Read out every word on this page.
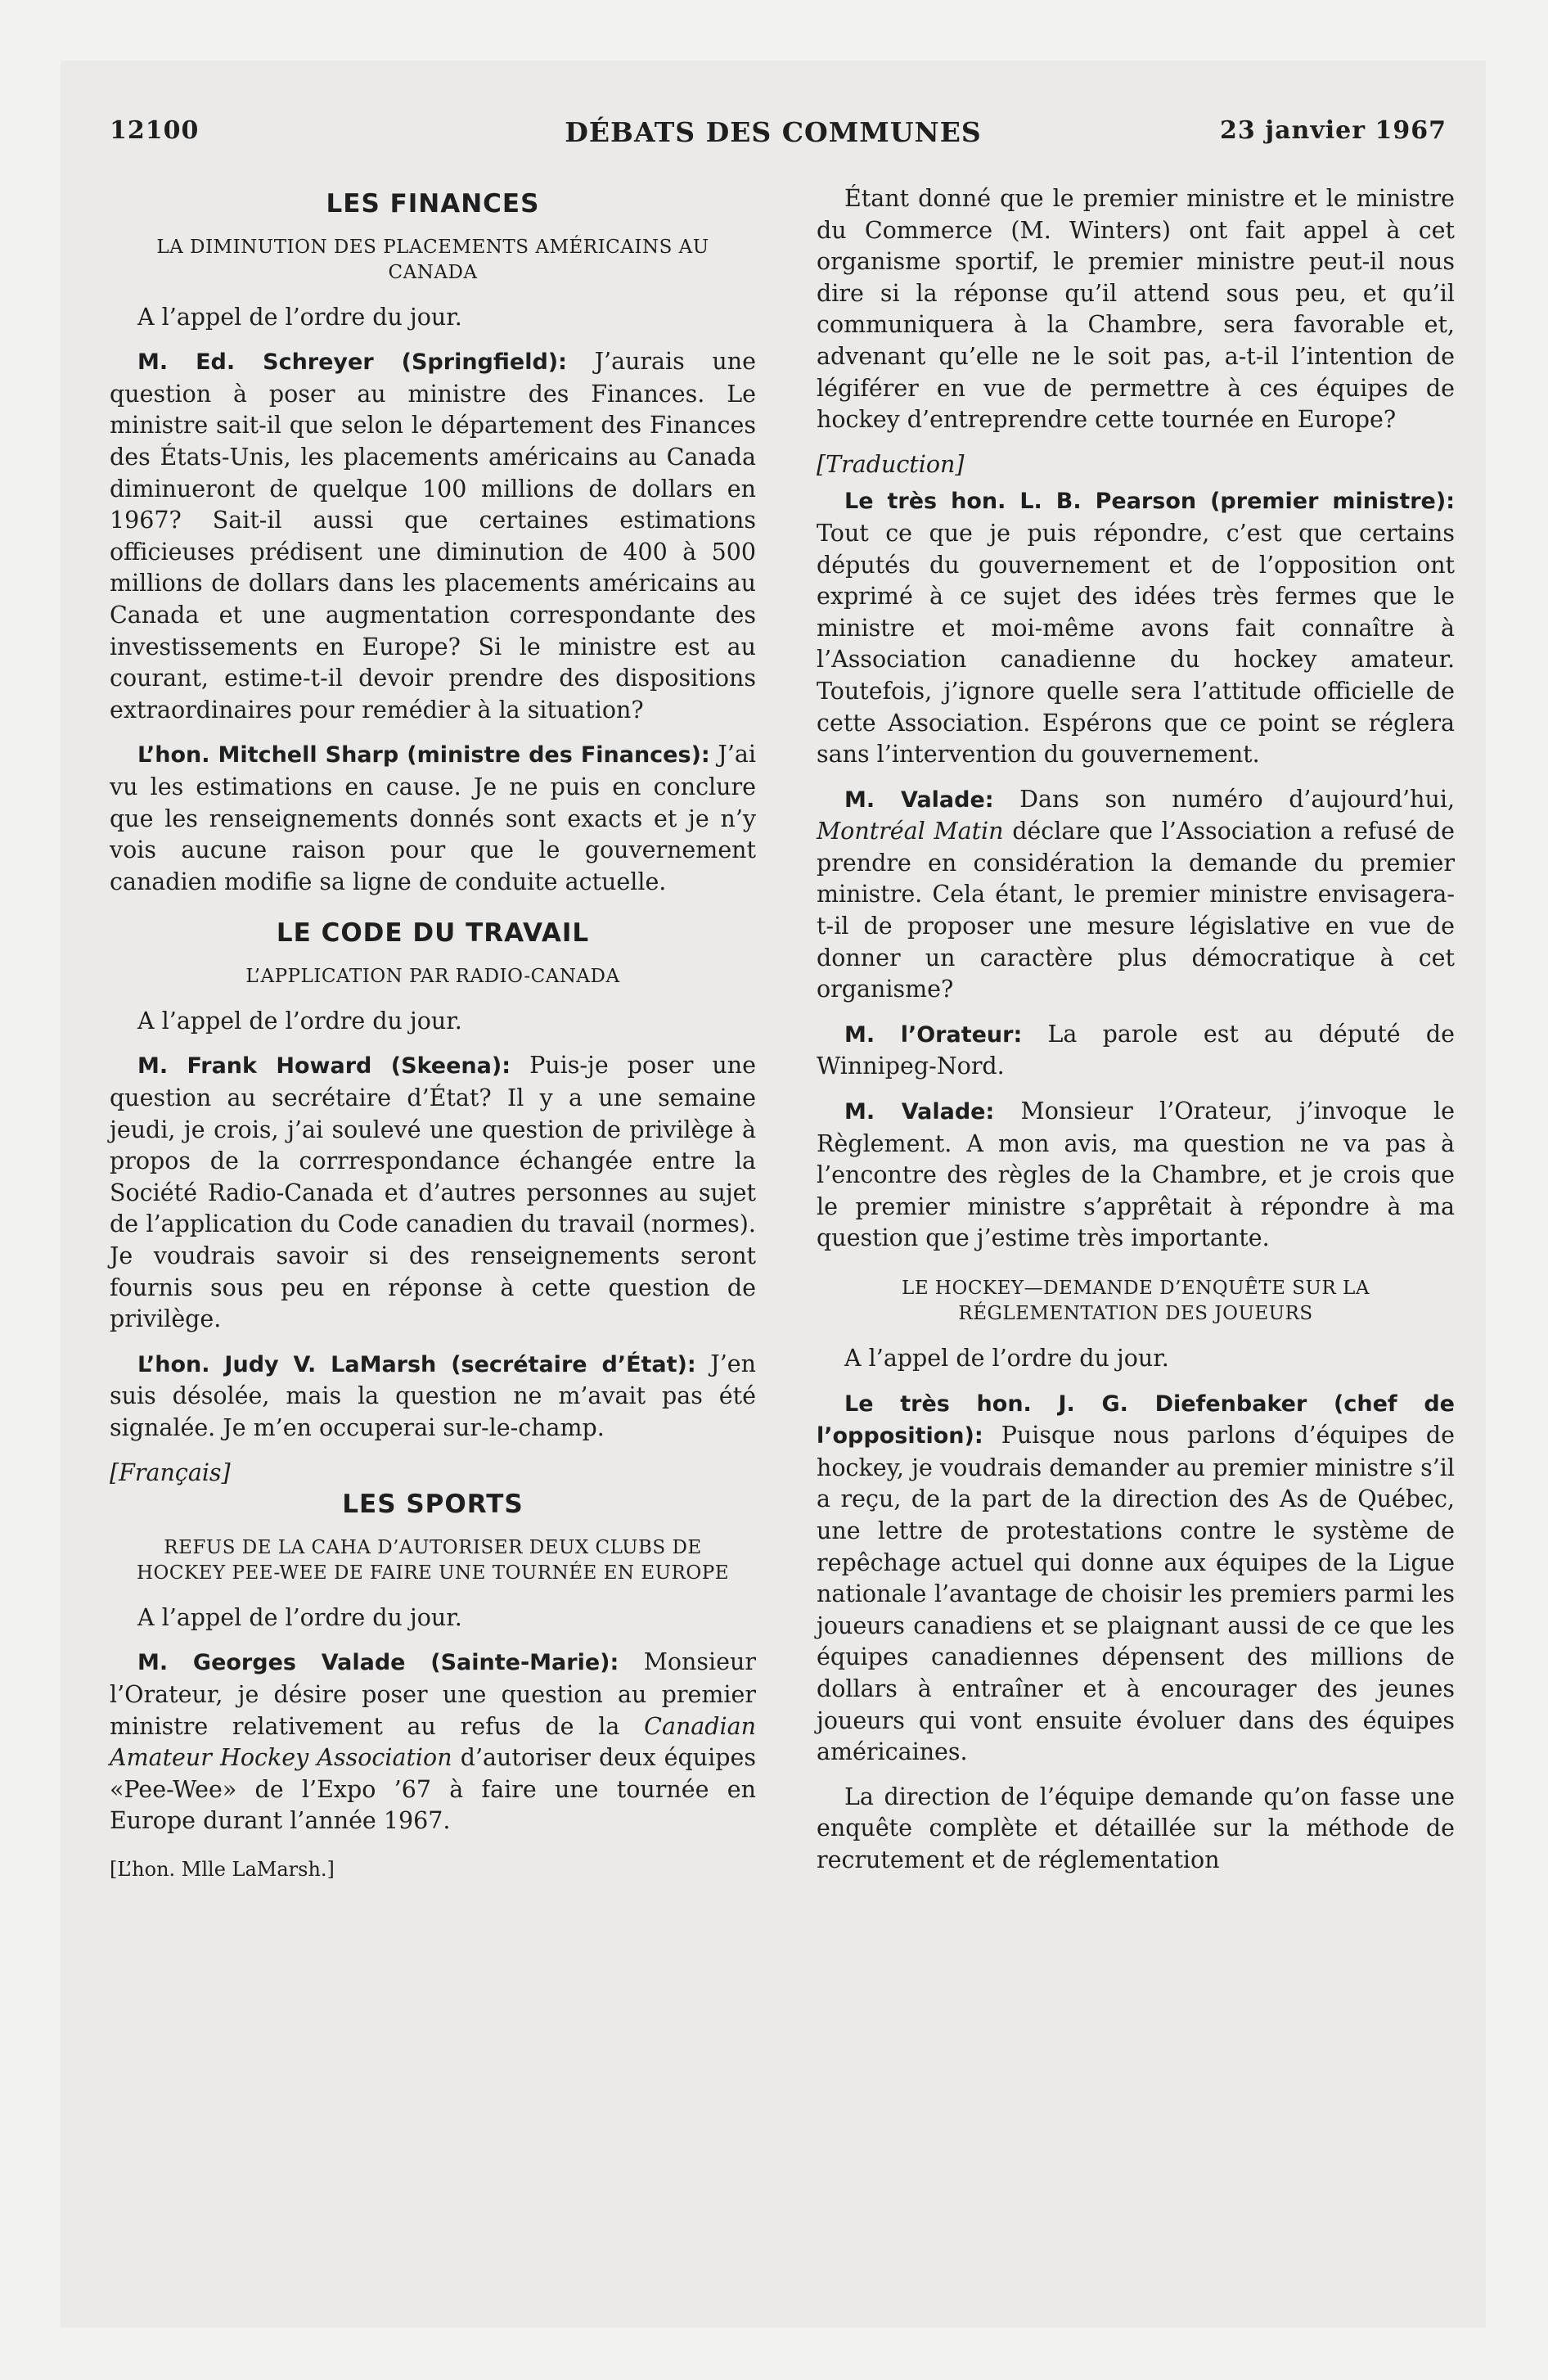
12100	DÉBATS DES COMMUNES	23 janvier 1967
LES FINANCES
LA DIMINUTION DES PLACEMENTS AMÉRICAINS AU CANADA

A l’appel de l’ordre du jour.

M. Ed. Schreyer (Springfield): J’aurais une question à poser au ministre des Finances. Le ministre sait-il que selon le département des Finances des États-Unis, les placements américains au Canada diminueront de quelque 100 millions de dollars en 1967? Sait-il aussi que certaines estimations officieuses prédisent une diminution de 400 à 500 millions de dollars dans les placements américains au Canada et une augmentation correspondante des investissements en Europe? Si le ministre est au courant, estime-t-il devoir prendre des dispositions extraordinaires pour remédier à la situation?

L’hon. Mitchell Sharp (ministre des Finances): J’ai vu les estimations en cause. Je ne puis en conclure que les renseignements donnés sont exacts et je n’y vois aucune raison pour que le gouvernement canadien modifie sa ligne de conduite actuelle.

LE CODE DU TRAVAIL
L’APPLICATION PAR RADIO-CANADA

A l’appel de l’ordre du jour.

M. Frank Howard (Skeena): Puis-je poser une question au secrétaire d’État? Il y a une semaine jeudi, je crois, j’ai soulevé une question de privilège à propos de la corrrespondance échangée entre la Société Radio-Canada et d’autres personnes au sujet de l’application du Code canadien du travail (normes). Je voudrais savoir si des renseignements seront fournis sous peu en réponse à cette question de privilège.

L’hon. Judy V. LaMarsh (secrétaire d’État): J’en suis désolée, mais la question ne m’avait pas été signalée. Je m’en occuperai sur-le-champ.

[Français]

LES SPORTS
REFUS DE LA CAHA D’AUTORISER DEUX CLUBS DE HOCKEY PEE-WEE DE FAIRE UNE TOURNÉE EN EUROPE

A l’appel de l’ordre du jour.

M. Georges Valade (Sainte-Marie): Monsieur l’Orateur, je désire poser une question au premier ministre relativement au refus de la Canadian Amateur Hockey Association d’autoriser deux équipes «Pee-Wee» de l’Expo ’67 à faire une tournée en Europe durant l’année 1967.

[L’hon. Mlle LaMarsh.]

Étant donné que le premier ministre et le ministre du Commerce (M. Winters) ont fait appel à cet organisme sportif, le premier ministre peut-il nous dire si la réponse qu’il attend sous peu, et qu’il communiquera à la Chambre, sera favorable et, advenant qu’elle ne le soit pas, a-t-il l’intention de légiférer en vue de permettre à ces équipes de hockey d’entreprendre cette tournée en Europe?

[Traduction]

Le très hon. L. B. Pearson (premier ministre): Tout ce que je puis répondre, c’est que certains députés du gouvernement et de l’opposition ont exprimé à ce sujet des idées très fermes que le ministre et moi-même avons fait connaître à l’Association canadienne du hockey amateur. Toutefois, j’ignore quelle sera l’attitude officielle de cette Association. Espérons que ce point se réglera sans l’intervention du gouvernement.

M. Valade: Dans son numéro d’aujourd’hui, Montréal Matin déclare que l’Association a refusé de prendre en considération la demande du premier ministre. Cela étant, le premier ministre envisagera-t-il de proposer une mesure législative en vue de donner un caractère plus démocratique à cet organisme?

M. l’Orateur: La parole est au député de Winnipeg-Nord.

M. Valade: Monsieur l’Orateur, j’invoque le Règlement. A mon avis, ma question ne va pas à l’encontre des règles de la Chambre, et je crois que le premier ministre s’apprêtait à répondre à ma question que j’estime très importante.

LE HOCKEY—DEMANDE D’ENQUÊTE SUR LA RÉGLEMENTATION DES JOUEURS

A l’appel de l’ordre du jour.

Le très hon. J. G. Diefenbaker (chef de l’opposition): Puisque nous parlons d’équipes de hockey, je voudrais demander au premier ministre s’il a reçu, de la part de la direction des As de Québec, une lettre de protestations contre le système de repêchage actuel qui donne aux équipes de la Ligue nationale l’avantage de choisir les premiers parmi les joueurs canadiens et se plaignant aussi de ce que les équipes canadiennes dépensent des millions de dollars à entraîner et à encourager des jeunes joueurs qui vont ensuite évoluer dans des équipes américaines.

La direction de l’équipe demande qu’on fasse une enquête complète et détaillée sur la méthode de recrutement et de réglementation
